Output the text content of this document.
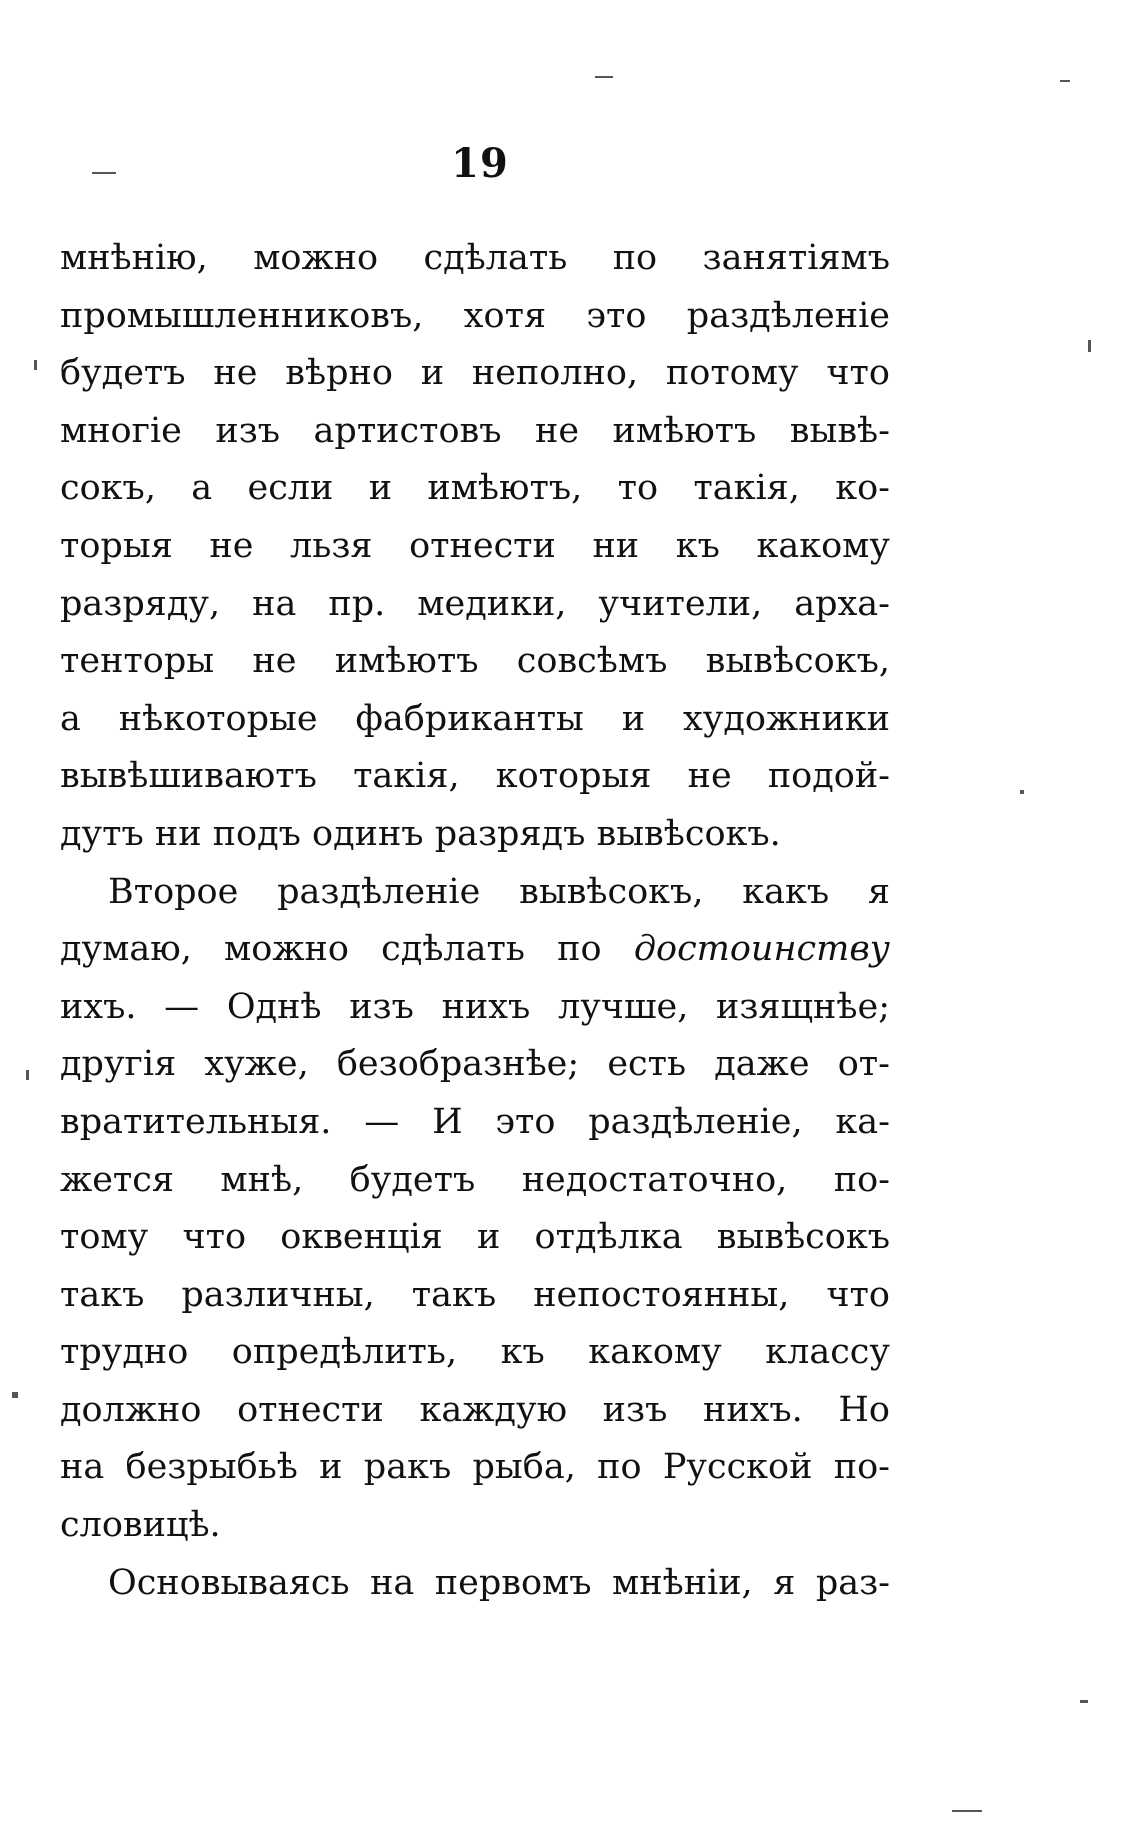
19
мнѣнію, можно сдѣлать по занятіямъ
промышленниковъ, хотя это раздѣленіе
будетъ не вѣрно и неполно, потому что
многіе изъ артистовъ не имѣютъ вывѣ-
сокъ, а если и имѣютъ, то такія, ко-
торыя не льзя отнести ни къ какому
разряду, на пр. медики, учители, арха-
тенторы не имѣютъ совсѣмъ вывѣсокъ,
а нѣкоторые фабриканты и художники
вывѣшиваютъ такія, которыя не подой-
дутъ ни подъ одинъ разрядъ вывѣсокъ.
Второе раздѣленіе вывѣсокъ, какъ я
думаю, можно сдѣлать по достоинству
ихъ. — Однѣ изъ нихъ лучше, изящнѣе;
другія хуже, безобразнѣе; есть даже от-
вратительныя. — И это раздѣленіе, ка-
жется мнѣ, будетъ недостаточно, по-
тому что оквенція и отдѣлка вывѣсокъ
такъ различны, такъ непостоянны, что
трудно опредѣлить, къ какому классу
должно отнести каждую изъ нихъ. Но
на безрыбьѣ и ракъ рыба, по Русской по-
словицѣ.
Основываясь на первомъ мнѣніи, я раз-
